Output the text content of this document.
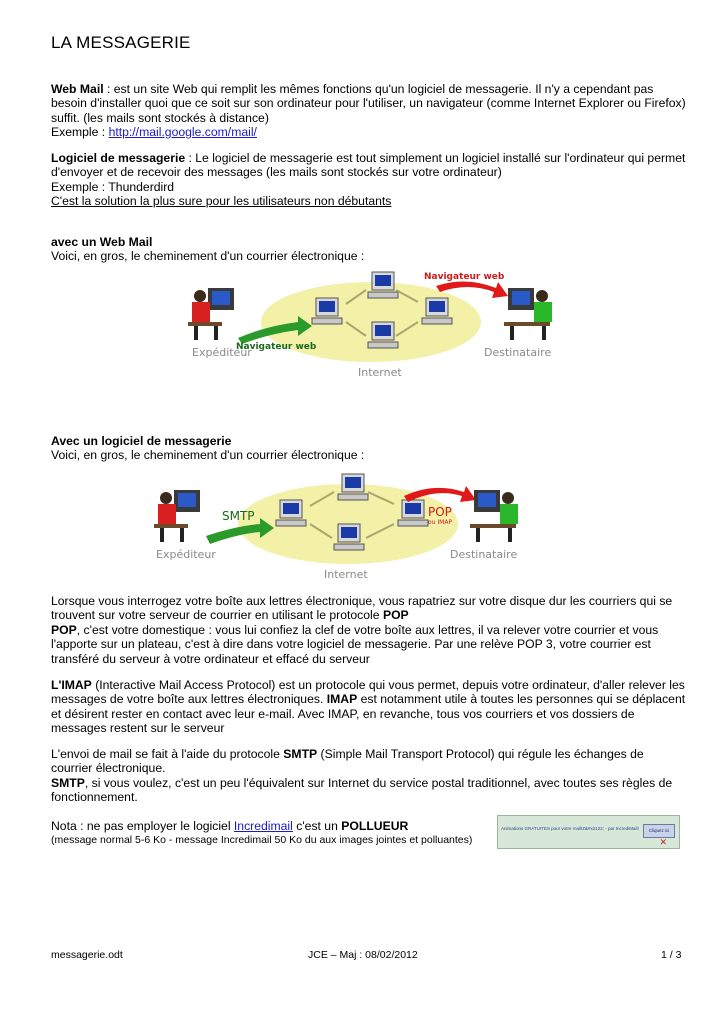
LA MESSAGERIE

Web Mail : est un site Web qui remplit les mêmes fonctions qu'un logiciel de messagerie. Il n'y a cependant pas besoin d'installer quoi que ce soit sur son ordinateur pour l'utiliser, un navigateur (comme Internet Explorer ou Firefox) suffit. (les mails sont stockés à distance)

Exemple : http://mail.google.com/mail/

Logiciel de messagerie : Le logiciel de messagerie est tout simplement un logiciel installé sur l'ordinateur qui permet d'envoyer et de recevoir des messages (les mails sont stockés sur votre ordinateur)

Exemple : Thunderdird

C'est la solution la plus sure pour les utilisateurs non débutants

avec un Web Mail

Voici, en gros, le cheminement d'un courrier électronique :

Expéditeur
Navigateur web
Navigateur web
Destinataire
Internet

Avec un logiciel de messagerie

Voici, en gros, le cheminement d'un courrier électronique :

SMTP	POP
ou IMAP
Expéditeur	Destinataire
Internet

Lorsque vous interrogez votre boîte aux lettres électronique, vous rapatriez sur votre disque dur les courriers qui se trouvent sur votre serveur de courrier en utilisant le protocole POP

POP, c'est votre domestique : vous lui confiez la clef de votre boîte aux lettres, il va relever votre courrier et vous l'apporte sur un plateau, c'est à dire dans votre logiciel de messagerie. Par une relève POP 3, votre courrier est transféré du serveur à votre ordinateur et effacé du serveur

L'IMAP (Interactive Mail Access Protocol) est un protocole qui vous permet, depuis votre ordinateur, d'aller relever les messages de votre boîte aux lettres électroniques. IMAP est notamment utile à toutes les personnes qui se déplacent et désirent rester en contact avec leur e-mail. Avec IMAP, en revanche, tous vos courriers et vos dossiers de messages restent sur le serveur

L'envoi de mail se fait à l'aide du protocole SMTP (Simple Mail Transport Protocol) qui régule les échanges de courrier électronique.

SMTP, si vous voulez, c'est un peu l'équivalent sur Internet du service postal traditionnel, avec toutes ses règles de fonctionnement.

Nota : ne pas employer le logiciel Incredimail c'est un POLLUEUR

(message normal 5-6 Ko - message Incredimail 50 Ko du aux images jointes et polluantes)

Animations GRATUITES pour votre mailIZ&#x2122; - par IncrediMail!	Cliquez ici
✕
messagerie.odt	JCE – Maj : 08/02/2012	1 / 3
